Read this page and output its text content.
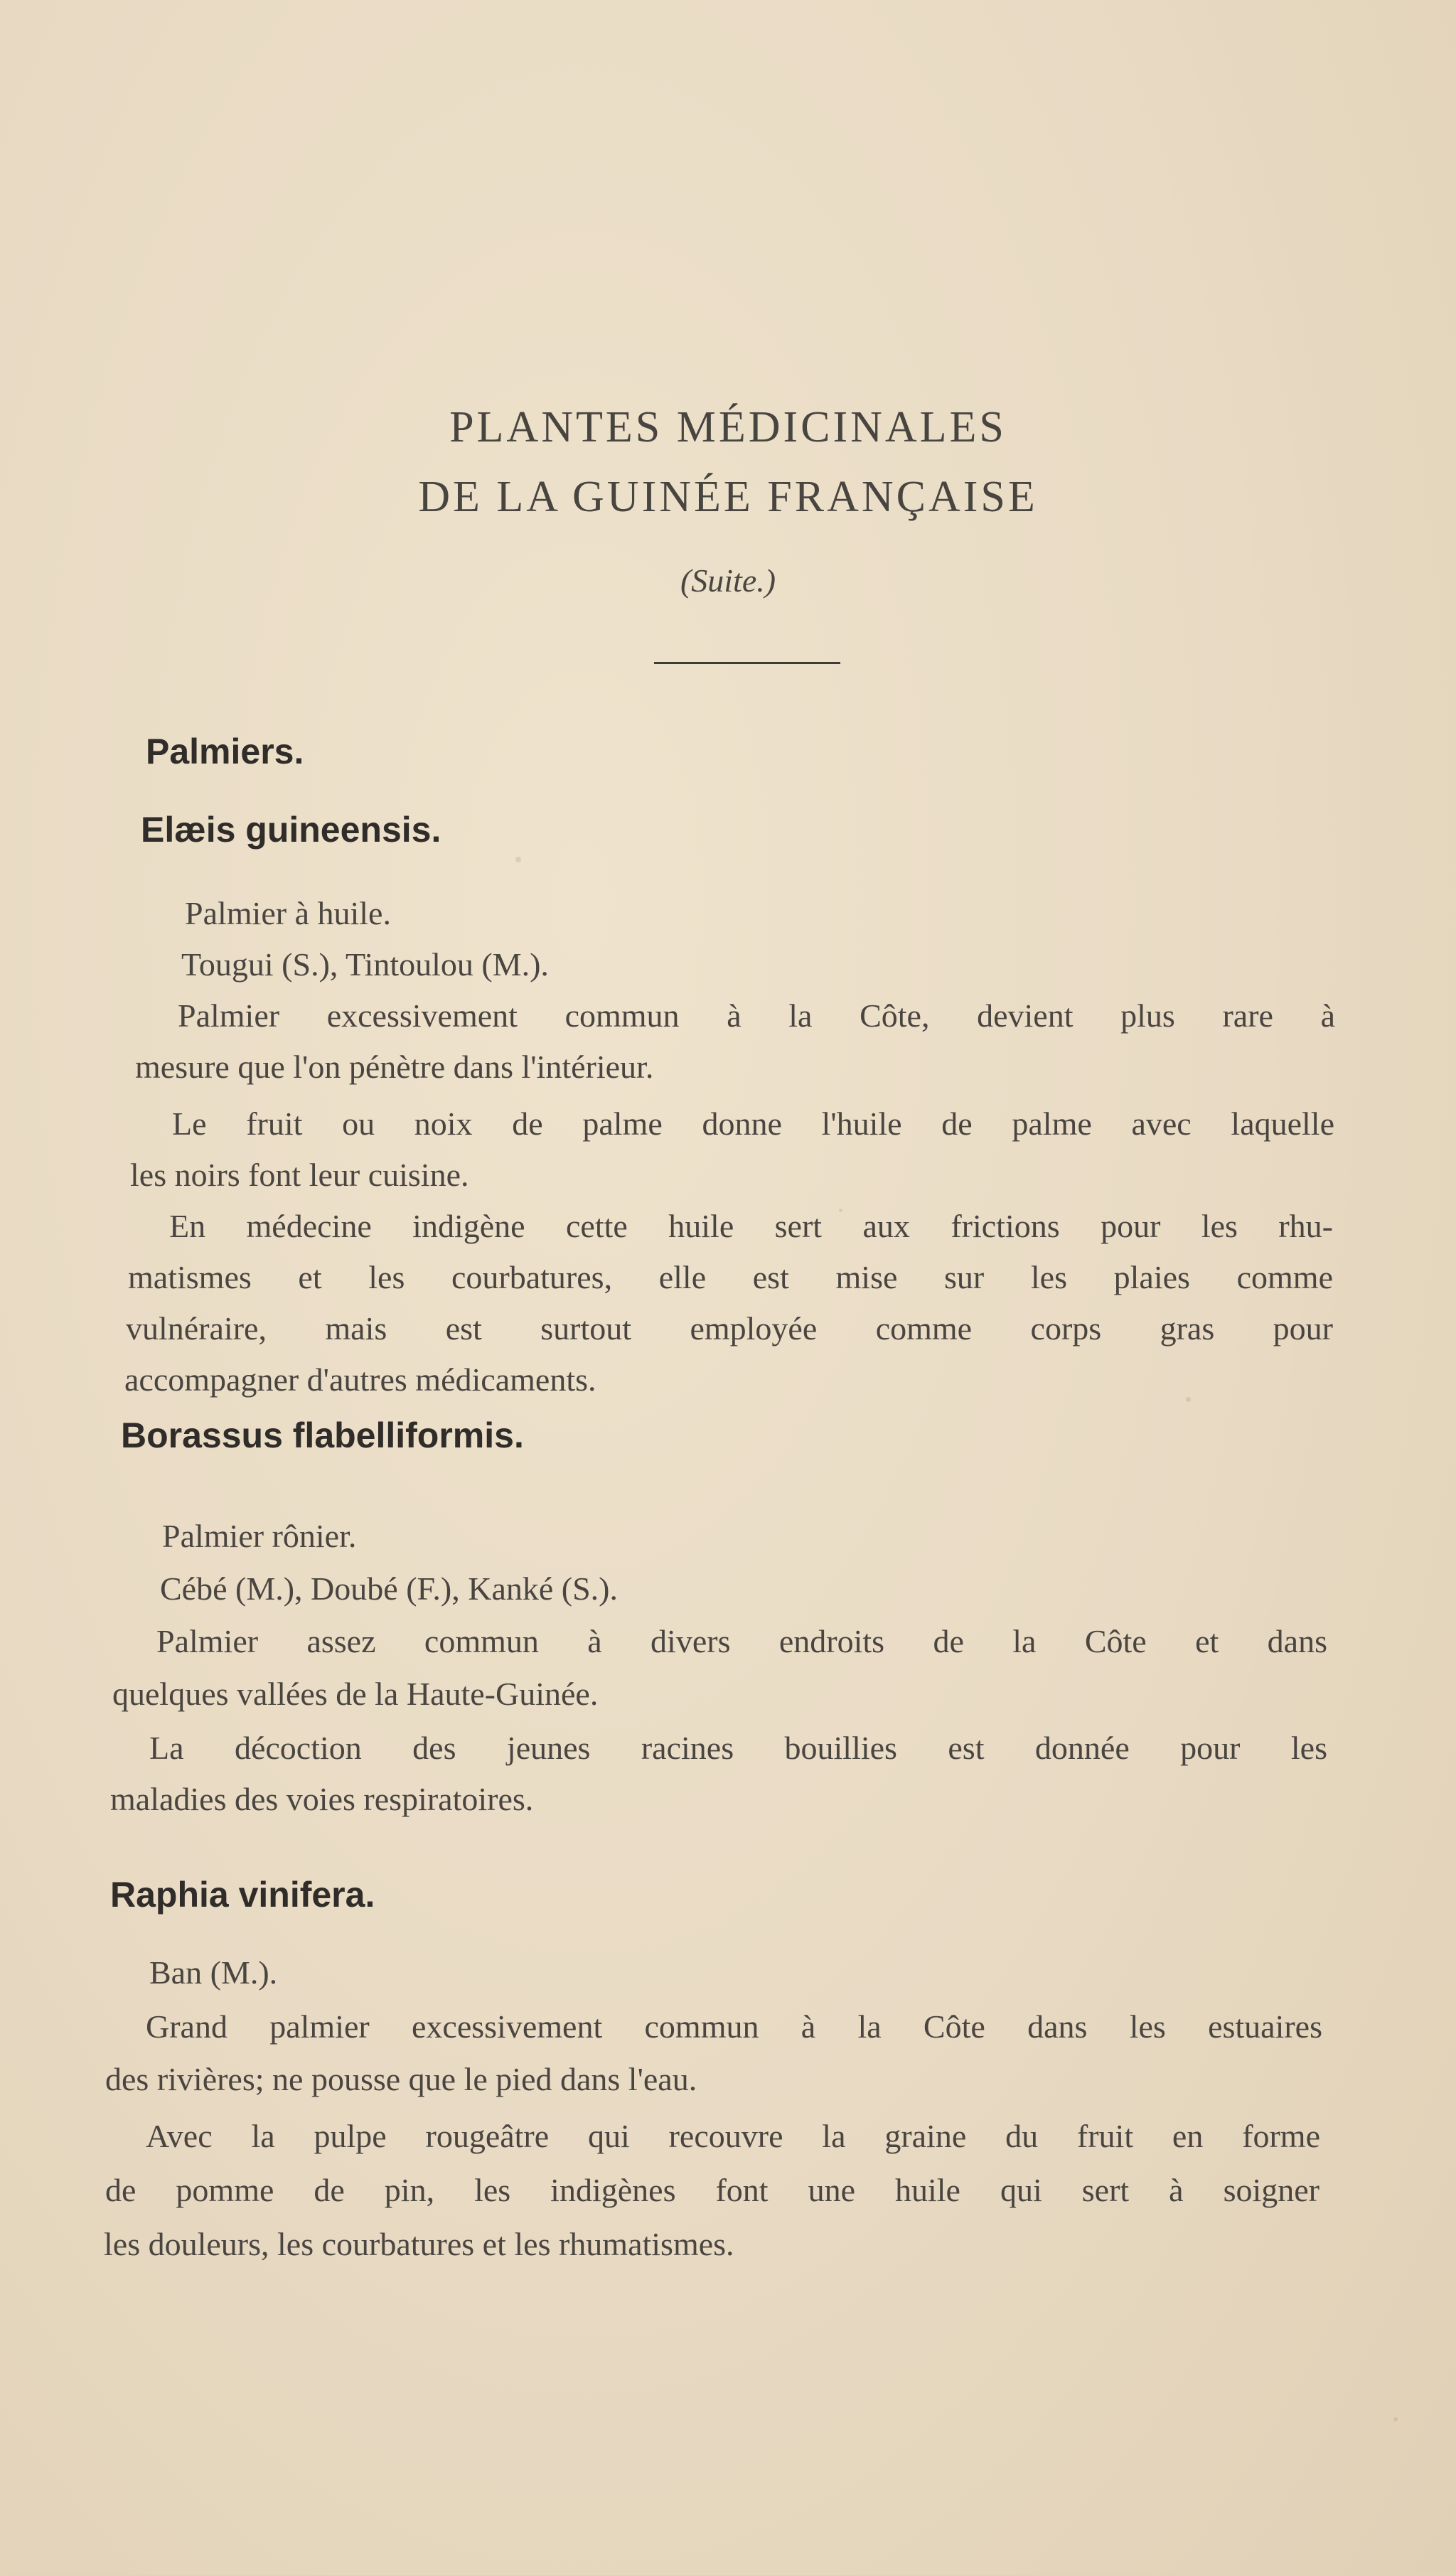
PLANTES MÉDICINALES
DE LA GUINÉE FRANÇAISE
(Suite.)
Palmiers.
Elæis guineensis.

Palmier à huile.

Tougui (S.), Tintoulou (M.).

Palmier excessivement commun à la Côte, devient plus rare à

mesure que l'on pénètre dans l'intérieur.

Le fruit ou noix de palme donne l'huile de palme avec laquelle

les noirs font leur cuisine.

En médecine indigène cette huile sert aux frictions pour les rhu-

matismes et les courbatures, elle est mise sur les plaies comme

vulnéraire, mais est surtout employée comme corps gras pour

accompagner d'autres médicaments.

Borassus flabelliformis.

Palmier rônier.

Cébé (M.), Doubé (F.), Kanké (S.).

Palmier assez commun à divers endroits de la Côte et dans

quelques vallées de la Haute-Guinée.

La décoction des jeunes racines bouillies est donnée pour les

maladies des voies respiratoires.

Raphia vinifera.

Ban (M.).

Grand palmier excessivement commun à la Côte dans les estuaires

des rivières; ne pousse que le pied dans l'eau.

Avec la pulpe rougeâtre qui recouvre la graine du fruit en forme

de pomme de pin, les indigènes font une huile qui sert à soigner

les douleurs, les courbatures et les rhumatismes.
